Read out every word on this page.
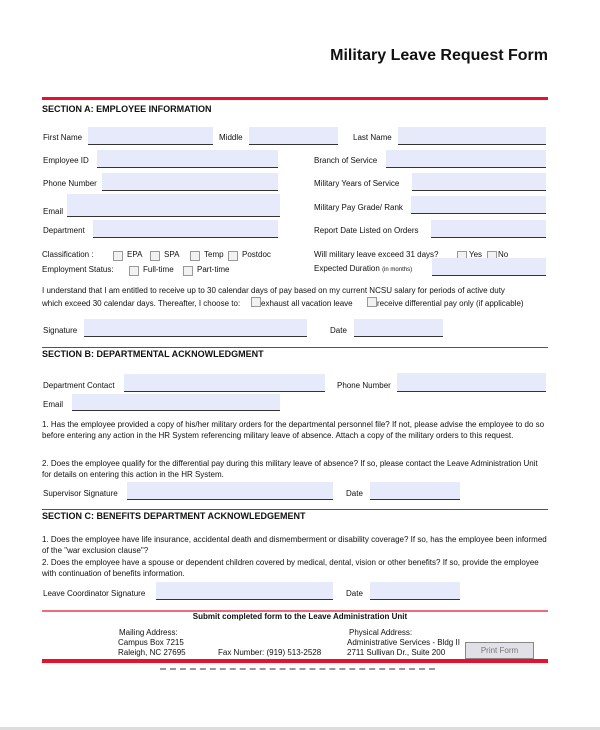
Military Leave Request Form
SECTION A: EMPLOYEE INFORMATION
First Name	Middle	Last Name
Employee ID	Branch of Service
Phone Number	Military Years of Service
Email	Military Pay Grade/ Rank
Department	Report Date Listed on Orders
Classification :	EPA	SPA	Temp Postdoc	Will military leave exceed 31 days?	Yes No
Employment Status:	Full-time	Part-time	Expected Duration (in months)
I understand that I am entitled to receive up to 30 calendar days of pay based on my current NCSU salary for periods of active duty
which exceed 30 calendar days. Thereafter, I choose to:	exhaust all vacation leave	receive differential pay only (if applicable)
Signature	Date
SECTION B: DEPARTMENTAL ACKNOWLEDGMENT
Department Contact	Phone Number
Email
1. Has the employee provided a copy of his/her military orders for the departmental personnel file? If not, please advise the employee to do so before entering any action in the HR System referencing military leave of absence. Attach a copy of the military orders to this request.
2. Does the employee qualify for the differential pay during this military leave of absence? If so, please contact the Leave Administration Unit for details on entering this action in the HR System.
Supervisor Signature	Date
SECTION C: BENEFITS DEPARTMENT ACKNOWLEDGEMENT
1. Does the employee have life insurance, accidental death and dismemberment or disability coverage? If so, has the employee been informed of the "war exclusion clause"?
2. Does the employee have a spouse or dependent children covered by medical, dental, vision or other benefits? If so, provide the employee with continuation of benefits information.
Leave Coordinator Signature	Date
Submit completed form to the Leave Administration Unit
Mailing Address:
Campus Box 7215
Raleigh, NC 27695	Fax Number: (919) 513-2528
Physical Address:
Administrative Services - Bldg II
2711 Sullivan Dr., Suite 200	Print Form
